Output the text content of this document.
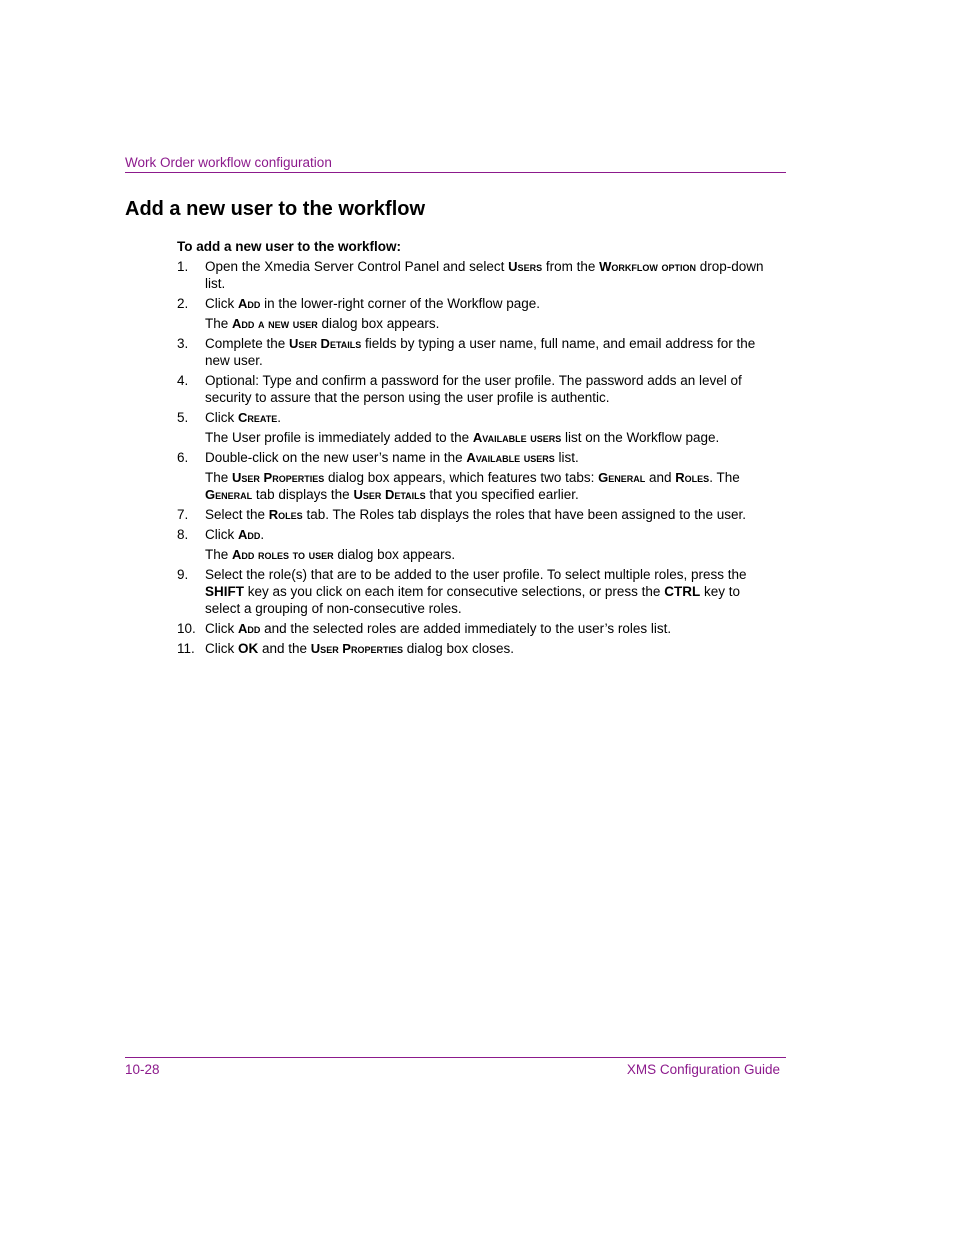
Work Order workflow configuration
Add a new user to the workflow
To add a new user to the workflow:
1. Open the Xmedia Server Control Panel and select Users from the Workflow option drop-down list.
2. Click Add in the lower-right corner of the Workflow page.
The Add a new user dialog box appears.
3. Complete the User Details fields by typing a user name, full name, and email address for the new user.
4. Optional: Type and confirm a password for the user profile. The password adds an level of security to assure that the person using the user profile is authentic.
5. Click Create.
The User profile is immediately added to the Available users list on the Workflow page.
6. Double-click on the new user’s name in the Available users list.
The User Properties dialog box appears, which features two tabs: General and Roles. The General tab displays the User Details that you specified earlier.
7. Select the Roles tab. The Roles tab displays the roles that have been assigned to the user.
8. Click Add.
The Add roles to user dialog box appears.
9. Select the role(s) that are to be added to the user profile. To select multiple roles, press the SHIFT key as you click on each item for consecutive selections, or press the CTRL key to select a grouping of non-consecutive roles.
10. Click Add and the selected roles are added immediately to the user’s roles list.
11. Click OK and the User Properties dialog box closes.
10-28	XMS Configuration Guide
